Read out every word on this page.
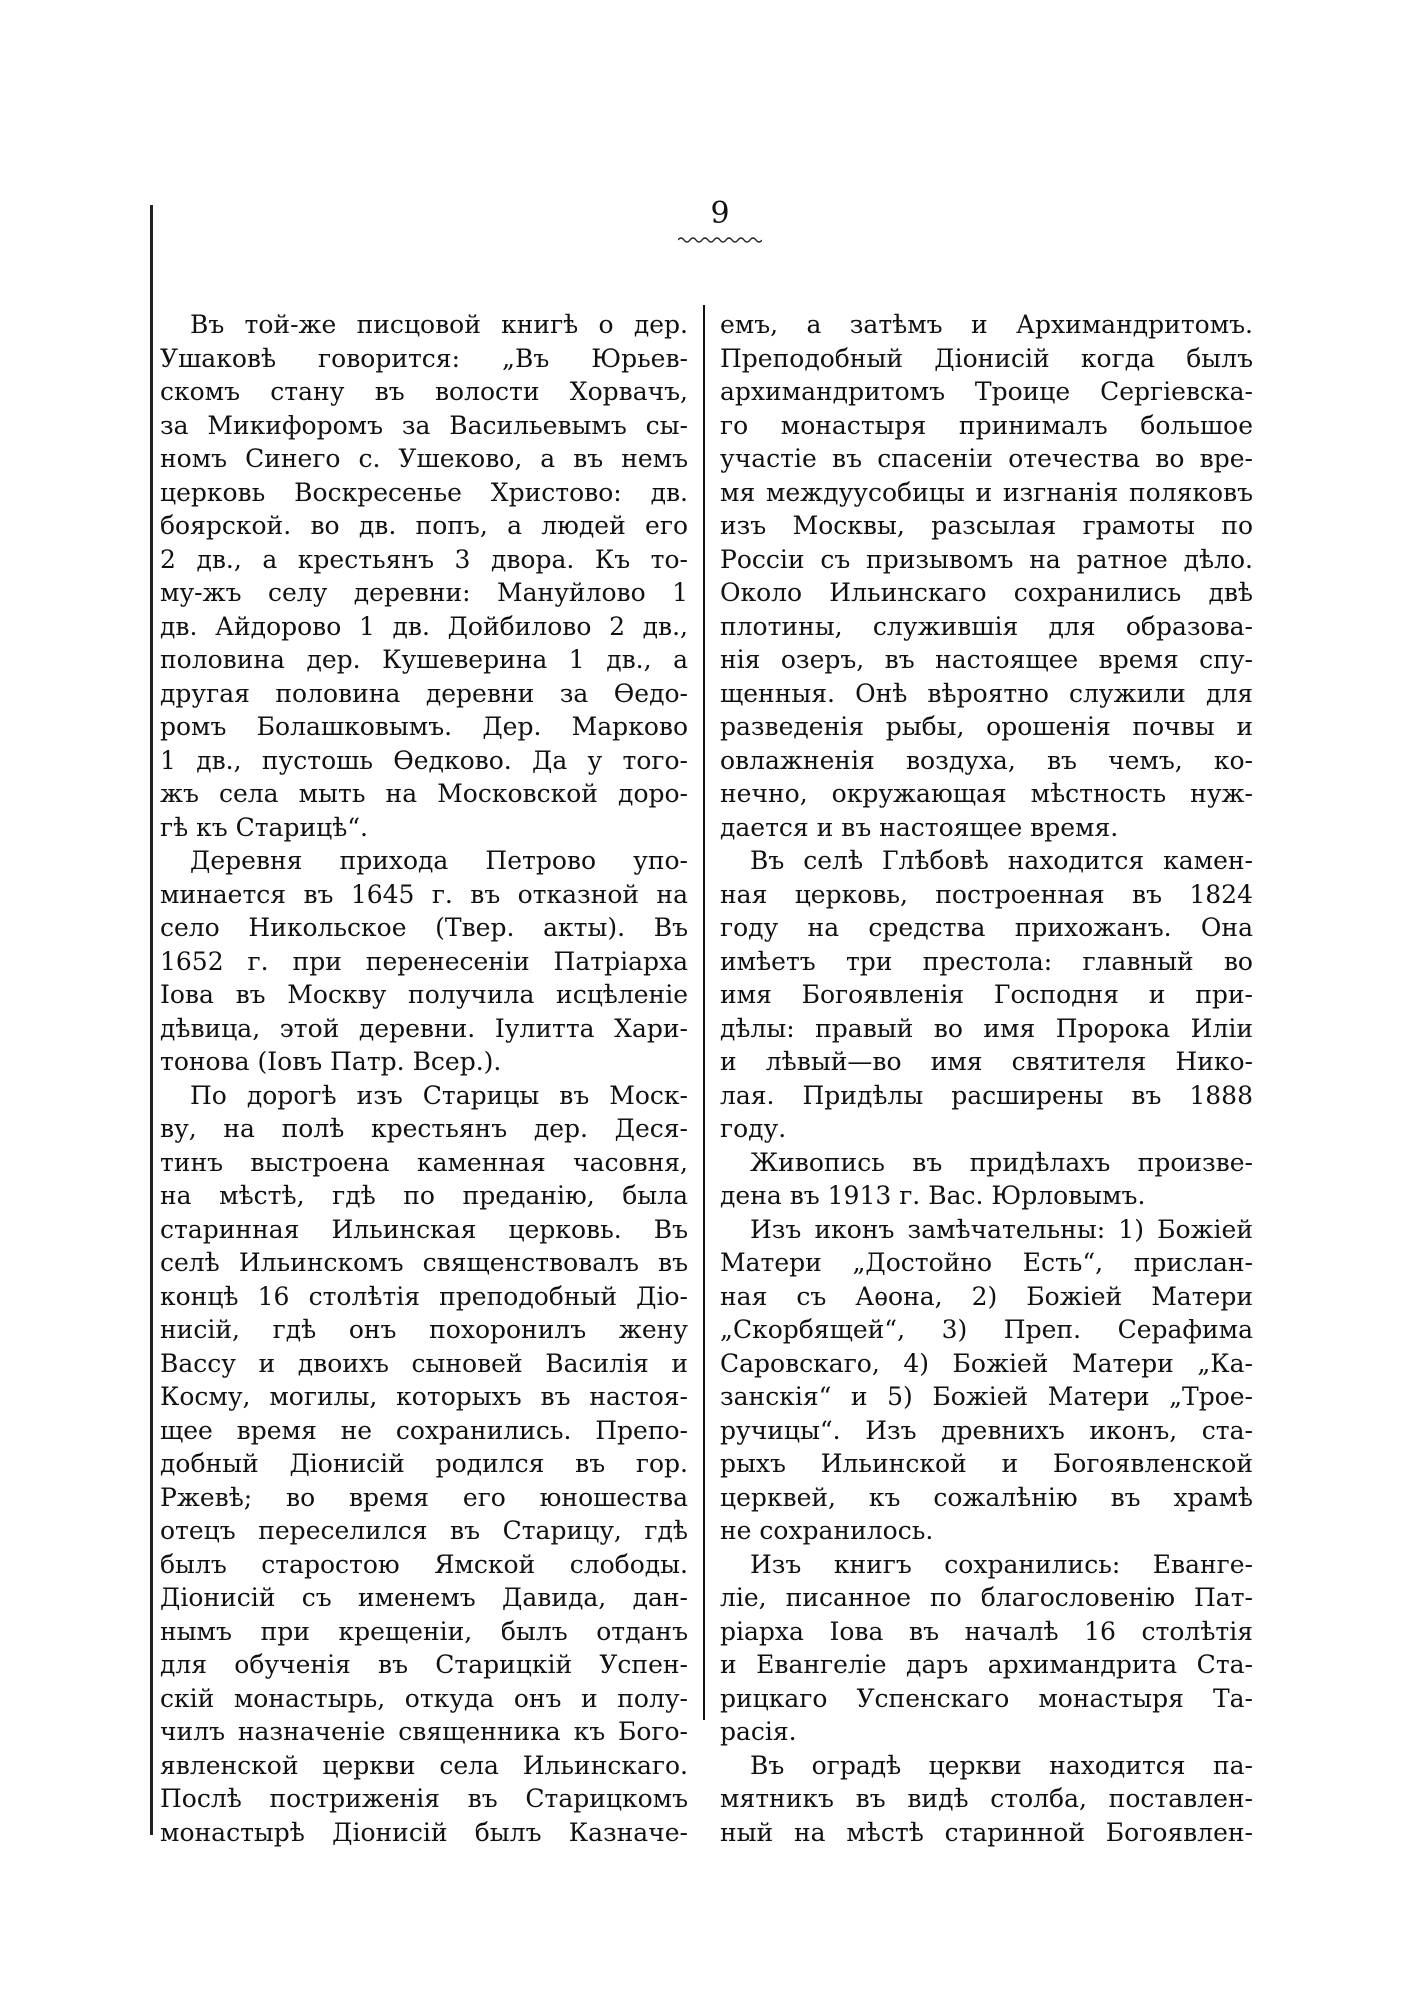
9
Въ той-же писцовой книгѣ о дер.
Ушаковѣ говорится: „Въ Юрьев-
скомъ стану въ волости Хорвачъ,
за Микифоромъ за Васильевымъ сы-
номъ Синего с. Ушеково, а въ немъ
церковь Воскресенье Христово: дв.
боярской. во дв. попъ, а людей его
2 дв., а крестьянъ 3 двора. Къ то-
му-жъ селу деревни: Мануйлово 1
дв. Айдорово 1 дв. Дойбилово 2 дв.,
половина дер. Кушеверина 1 дв., а
другая половина деревни за Ѳедо-
ромъ Болашковымъ. Дер. Марково
1 дв., пустошь Ѳедково. Да у того-
жъ села мыть на Московской доро-
гѣ къ Старицѣ“.
Деревня прихода Петрово упо-
минается въ 1645 г. въ отказной на
село Никольское (Твер. акты). Въ
1652 г. при перенесеніи Патріарха
Іова въ Москву получила исцѣленіе
дѣвица, этой деревни. Іулитта Хари-
тонова (Іовъ Патр. Всер.).
По дорогѣ изъ Старицы въ Моск-
ву, на полѣ крестьянъ дер. Деся-
тинъ выстроена каменная часовня,
на мѣстѣ, гдѣ по преданію, была
старинная Ильинская церковь. Въ
селѣ Ильинскомъ священствовалъ въ
концѣ 16 столѣтія преподобный Діо-
нисій, гдѣ онъ похоронилъ жену
Вассу и двоихъ сыновей Василія и
Косму, могилы, которыхъ въ настоя-
щее время не сохранились. Препо-
добный Діонисій родился въ гор.
Ржевѣ; во время его юношества
отецъ переселился въ Старицу, гдѣ
былъ старостою Ямской слободы.
Діонисій съ именемъ Давида, дан-
нымъ при крещеніи, былъ отданъ
для обученія въ Старицкій Успен-
скій монастырь, откуда онъ и полу-
чилъ назначеніе священника къ Бого-
явленской церкви села Ильинскаго.
Послѣ постриженія въ Старицкомъ
монастырѣ Діонисій былъ Казначе-
емъ, а затѣмъ и Архимандритомъ.
Преподобный Діонисій когда былъ
архимандритомъ Троице Сергіевска-
го монастыря принималъ большое
участіе въ спасеніи отечества во вре-
мя междуусобицы и изгнанія поляковъ
изъ Москвы, разсылая грамоты по
Россіи съ призывомъ на ратное дѣло.
Около Ильинскаго сохранились двѣ
плотины, служившія для образова-
нія озеръ, въ настоящее время спу-
щенныя. Онѣ вѣроятно служили для
разведенія рыбы, орошенія почвы и
овлажненія воздуха, въ чемъ, ко-
нечно, окружающая мѣстность нуж-
дается и въ настоящее время.
Въ селѣ Глѣбовѣ находится камен-
ная церковь, построенная въ 1824
году на средства прихожанъ. Она
имѣетъ три престола: главный во
имя Богоявленія Господня и при-
дѣлы: правый во имя Пророка Иліи
и лѣвый—во имя святителя Нико-
лая. Придѣлы расширены въ 1888
году.
Живопись въ придѣлахъ произве-
дена въ 1913 г. Вас. Юрловымъ.
Изъ иконъ замѣчательны: 1) Божіей
Матери „Достойно Есть“, прислан-
ная съ Аѳона, 2) Божіей Матери
„Скорбящей“, 3) Преп. Серафима
Саровскаго, 4) Божіей Матери „Ка-
занскія“ и 5) Божіей Матери „Трое-
ручицы“. Изъ древнихъ иконъ, ста-
рыхъ Ильинской и Богоявленской
церквей, къ сожалѣнію въ храмѣ
не сохранилось.
Изъ книгъ сохранились: Еванге-
ліе, писанное по благословенію Пат-
ріарха Іова въ началѣ 16 столѣтія
и Евангеліе даръ архимандрита Ста-
рицкаго Успенскаго монастыря Та-
расія.
Въ оградѣ церкви находится па-
мятникъ въ видѣ столба, поставлен-
ный на мѣстѣ старинной Богоявлен-
